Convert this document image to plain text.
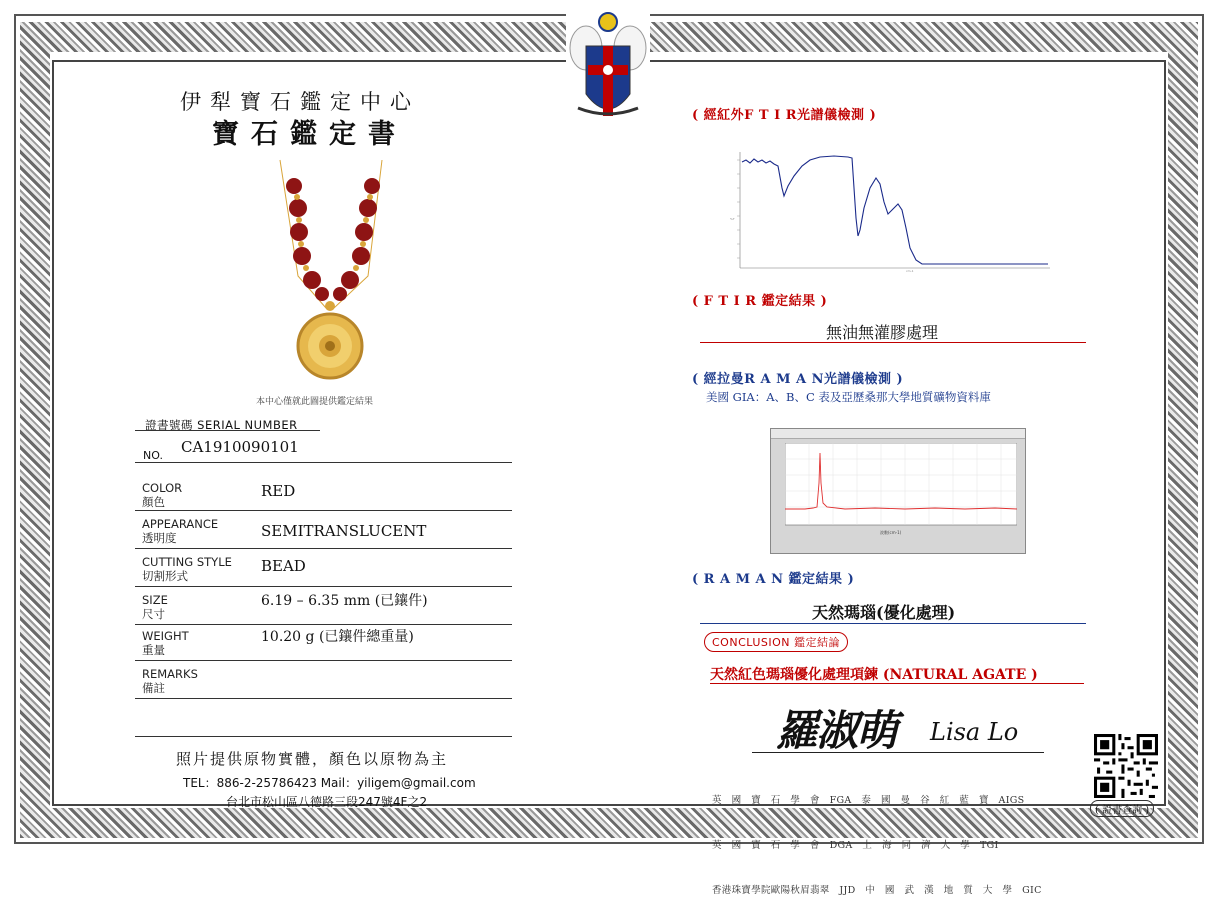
伊犁寶石鑑定中心
寶石鑑定書
本中心僅就此圖提供鑑定結果
證書號碼 SERIAL NUMBER
NO. CA1910090101
COLOR
顏色
RED
APPEARANCE
透明度	SEMITRANSLUCENT
CUTTING STYLE
切割形式
BEAD
SIZE
尺寸
6.19 – 6.35 mm (已鑲件)
WEIGHT
重量
10.20 g (已鑲件總重量)
REMARKS
備註
照片提供原物實體，顏色以原物為主
TEL：886-2-25786423 Mail：yiligem@gmail.com
台北市松山區八德路三段247號4F之2
( 經紅外F T I R光譜儀檢測 )
%T
cm-1
( F T I R 鑑定結果 )
無油無灌膠處理
( 經拉曼R A M A N光譜儀檢測 )
美國 GIA：A、B、C 表及亞歷桑那大學地質礦物資料庫
波數(cm-1)
( R A M A N 鑑定結果 )
天然瑪瑙(優化處理)
CONCLUSION 鑑定結論
天然紅色瑪瑙優化處理項鍊 (NATURAL AGATE )
羅淑萌 Lisa Lo

英　國　寶　石　學　會　FGA　泰　國　曼　谷　紅　藍　寶　AIGS

英　國　寶　石　學　會　DGA　上　海　同　濟　大　學　TGI

香港珠寶學院歐陽秋眉翡翠　JJD　中　國　武　漢　地　質　大　學　GIC

( 證書查詢 )
